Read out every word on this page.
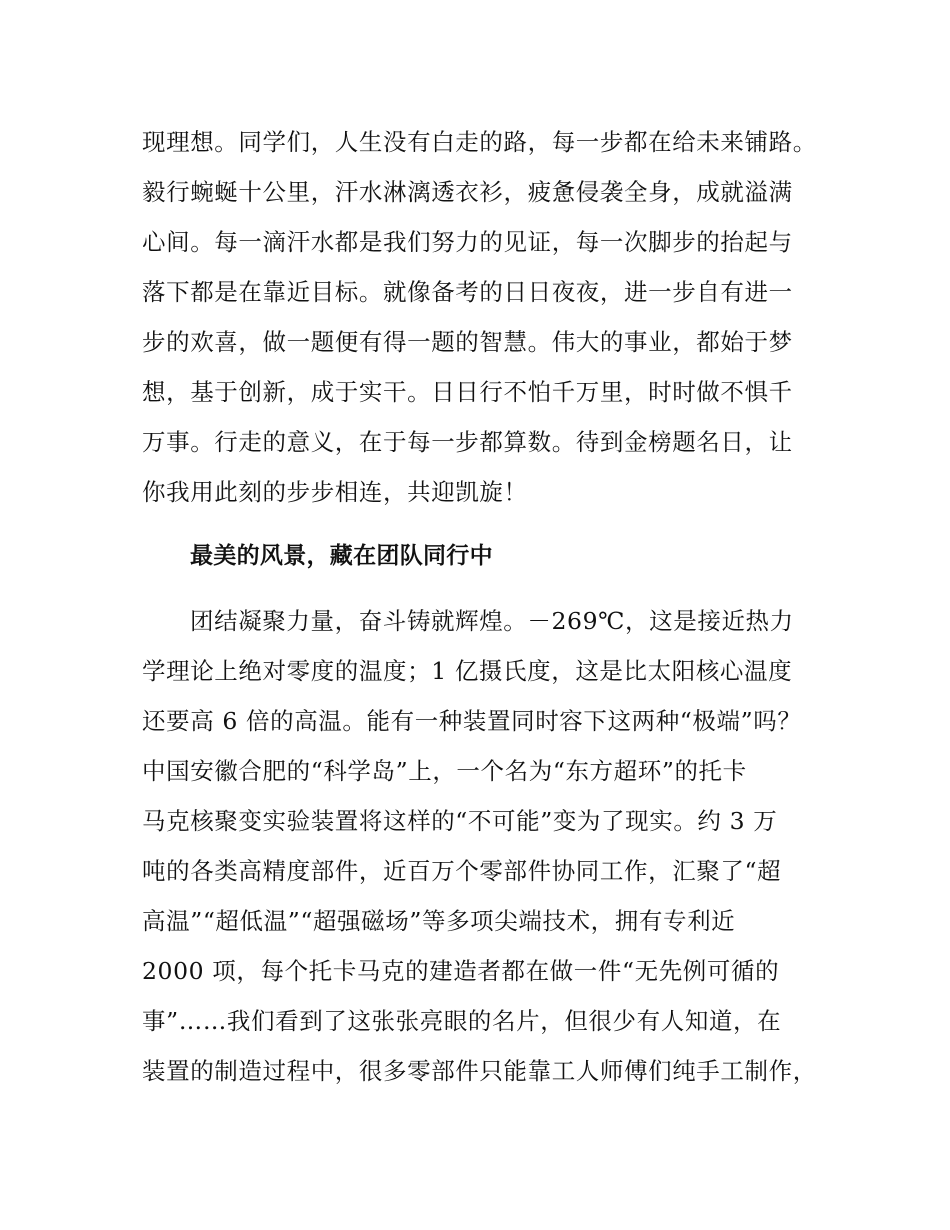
现理想。同学们，人生没有白走的路，每一步都在给未来铺路。
毅行蜿蜒十公里，汗水淋漓透衣衫，疲惫侵袭全身，成就溢满
心间。每一滴汗水都是我们努力的见证，每一次脚步的抬起与
落下都是在靠近目标。就像备考的日日夜夜，进一步自有进一
步的欢喜，做一题便有得一题的智慧。伟大的事业，都始于梦
想，基于创新，成于实干。日日行不怕千万里，时时做不惧千
万事。行走的意义，在于每一步都算数。待到金榜题名日，让
你我用此刻的步步相连，共迎凯旋！
最美的风景，藏在团队同行中
团结凝聚力量，奋斗铸就辉煌。－269℃，这是接近热力
学理论上绝对零度的温度；1 亿摄氏度，这是比太阳核心温度
还要高 6 倍的高温。能有一种装置同时容下这两种“极端”吗？
中国安徽合肥的“科学岛”上，一个名为“东方超环”的托卡
马克核聚变实验装置将这样的“不可能”变为了现实。约 3 万
吨的各类高精度部件，近百万个零部件协同工作，汇聚了“超
高温”“超低温”“超强磁场”等多项尖端技术，拥有专利近
2000 项，每个托卡马克的建造者都在做一件“无先例可循的
事”……我们看到了这张张亮眼的名片，但很少有人知道，在
装置的制造过程中，很多零部件只能靠工人师傅们纯手工制作，
